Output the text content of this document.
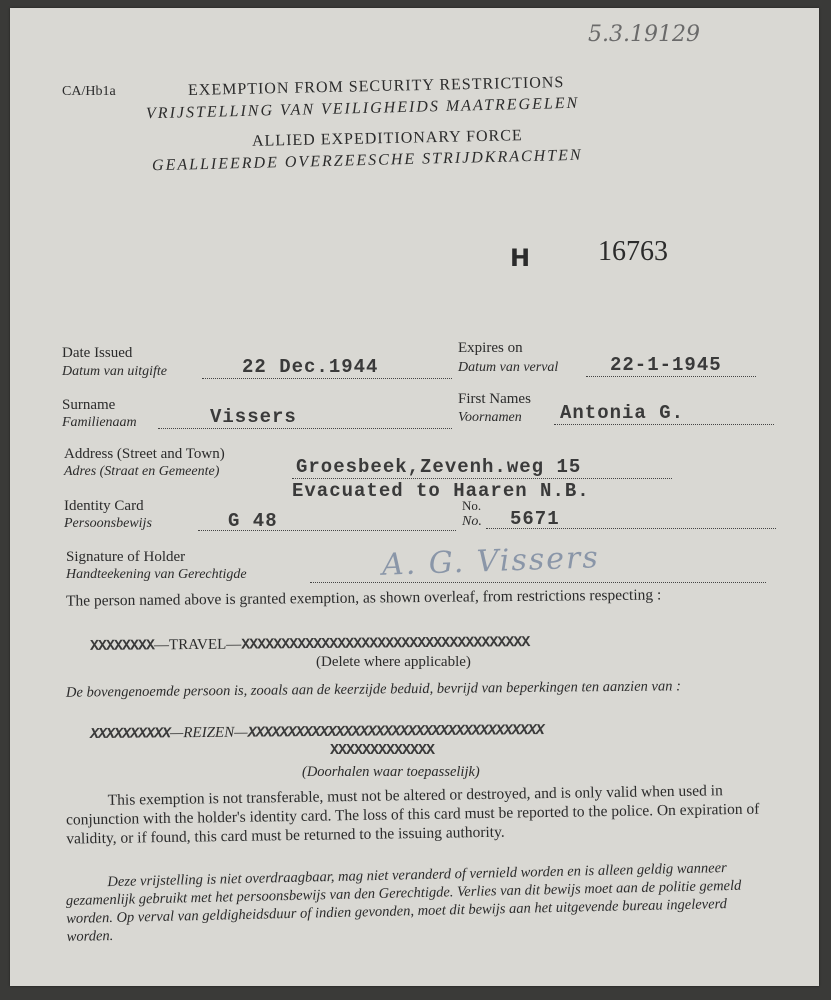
5.3.19129
CA/Hb1a	EXEMPTION FROM SECURITY RESTRICTIONS
VRIJSTELLING VAN VEILIGHEIDS MAATREGELEN
ALLIED EXPEDITIONARY FORCE
GEALLIEERDE OVERZEESCHE STRIJDKRACHTEN
H 16763
Date Issued
Datum van uitgifte	22 Dec.1944
Expires on
Datum van verval	22-1-1945
Surname
Familienaam	Vissers
First Names
Voornamen Antonia G.
Address (Street and Town)
Adres (Straat en Gemeente)	Groesbeek,Zevenh.weg 15
Evacuated to Haaren N.B.
Identity Card
Persoonsbewijs	G 48
No.
No. 5671
Signature of Holder
Handteekening van Gerechtigde	A. G. Vissers
The person named above is granted exemption, as shown overleaf, from restrictions respecting :
XXXXXXXX—TRAVEL—XXXXXXXXXXXXXXXXXXXXXXXXXXXXXXXXXXXX
(Delete where applicable)
De bovengenoemde persoon is, zooals aan de keerzijde beduid, bevrijd van beperkingen ten aanzien van :
XXXXXXXXXX—REIZEN—XXXXXXXXXXXXXXXXXXXXXXXXXXXXXXXXXXXXX
XXXXXXXXXXXXX
(Doorhalen waar toepasselijk)
This exemption is not transferable, must not be altered or destroyed, and is only valid when used in conjunction with the holder's identity card. The loss of this card must be reported to the police. On expiration of validity, or if found, this card must be returned to the issuing authority.
Deze vrijstelling is niet overdraagbaar, mag niet veranderd of vernield worden en is alleen geldig wanneer gezamenlijk gebruikt met het persoonsbewijs van den Gerechtigde. Verlies van dit bewijs moet aan de politie gemeld worden. Op verval van geldigheidsduur of indien gevonden, moet dit bewijs aan het uitgevende bureau ingeleverd worden.
